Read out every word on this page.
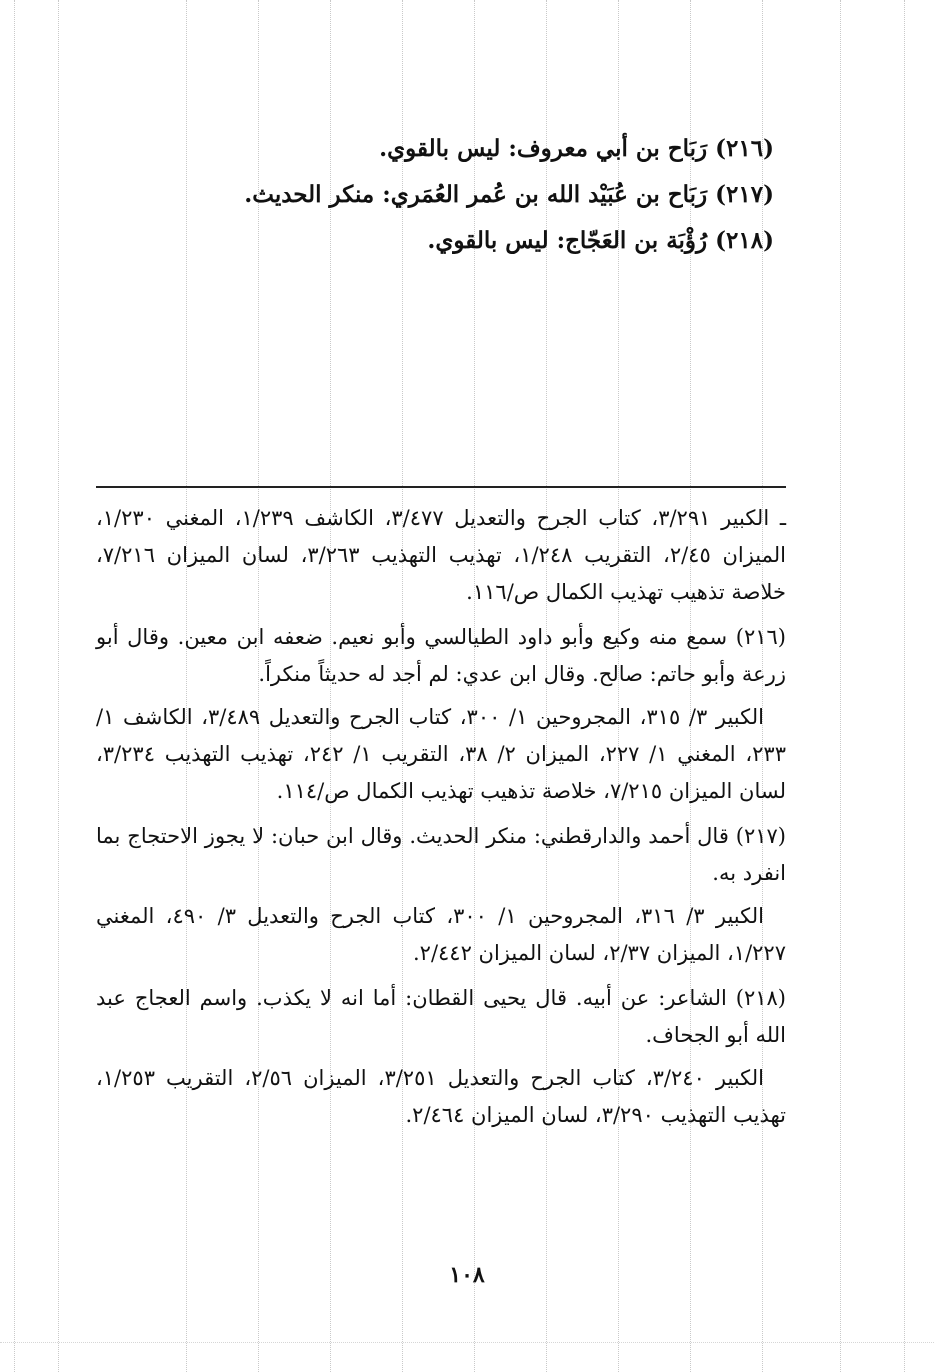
(٢١٦) رَبَاح بن أبي معروف: ليس بالقوي.

(٢١٧) رَبَاح بن عُبَيْد الله بن عُمر العُمَري: منكر الحديث.

(٢١٨) رُؤْبَة بن العَجّاج: ليس بالقوي.

ـ الكبير ٣/٢٩١، كتاب الجرح والتعديل ٣/٤٧٧، الكاشف ١/٢٣٩، المغني ١/٢٣٠، الميزان ٢/٤٥، التقريب ١/٢٤٨، تهذيب التهذيب ٣/٢٦٣، لسان الميزان ٧/٢١٦، خلاصة تذهيب تهذيب الكمال ص/١١٦.

(٢١٦) سمع منه وكيع وأبو داود الطيالسي وأبو نعيم. ضعفه ابن معين. وقال أبو زرعة وأبو حاتم: صالح. وقال ابن عدي: لم أجد له حديثاً منكراً.

الكبير ٣/ ٣١٥، المجروحين ١/ ٣٠٠، كتاب الجرح والتعديل ٣/٤٨٩، الكاشف ١/ ٢٣٣، المغني ١/ ٢٢٧، الميزان ٢/ ٣٨، التقريب ١/ ٢٤٢، تهذيب التهذيب ٣/٢٣٤، لسان الميزان ٧/٢١٥، خلاصة تذهيب تهذيب الكمال ص/١١٤.

(٢١٧) قال أحمد والدارقطني: منكر الحديث. وقال ابن حبان: لا يجوز الاحتجاج بما انفرد به.

الكبير ٣/ ٣١٦، المجروحين ١/ ٣٠٠، كتاب الجرح والتعديل ٣/ ٤٩٠، المغني ١/٢٢٧، الميزان ٢/٣٧، لسان الميزان ٢/٤٤٢.

(٢١٨) الشاعر: عن أبيه. قال يحيى القطان: أما انه لا يكذب. واسم العجاج عبد الله أبو الجحاف.

الكبير ٣/٢٤٠، كتاب الجرح والتعديل ٣/٢٥١، الميزان ٢/٥٦، التقريب ١/٢٥٣، تهذيب التهذيب ٣/٢٩٠، لسان الميزان ٢/٤٦٤.

١٠٨
